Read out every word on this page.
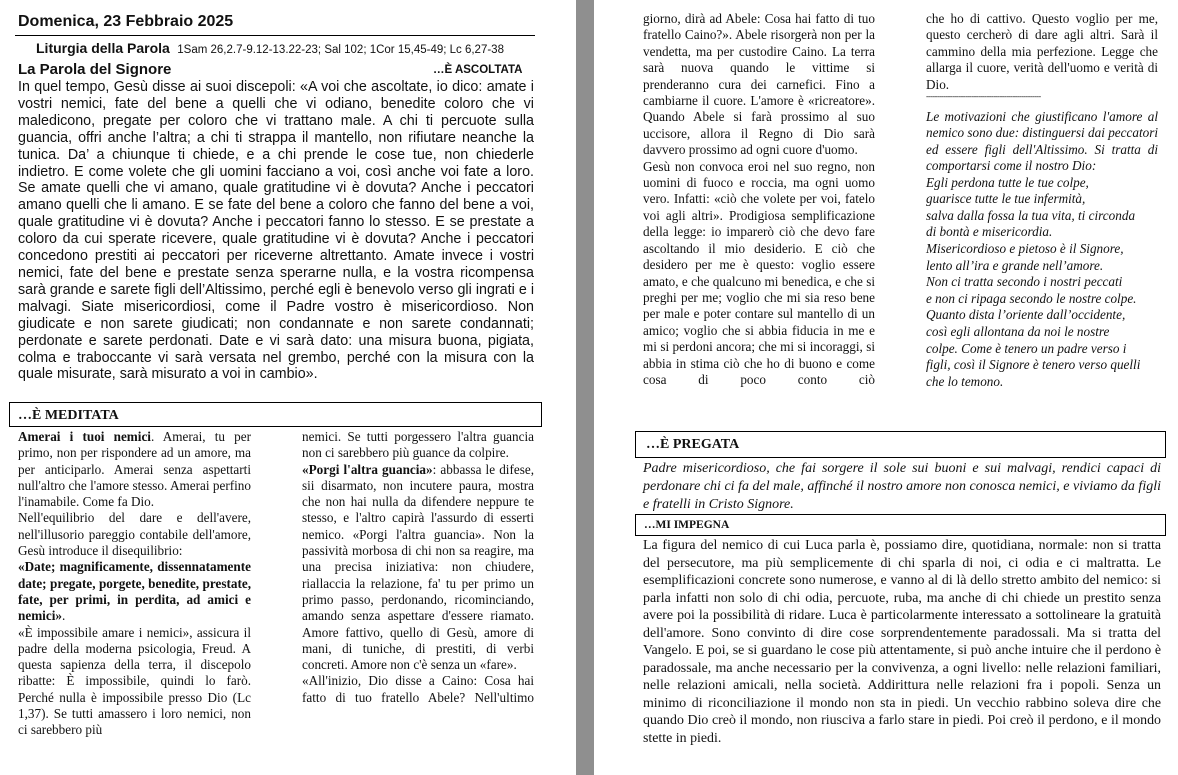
Domenica, 23 Febbraio 2025
Liturgia della Parola 1Sam 26,2.7-9.12-13.22-23; Sal 102; 1Cor 15,45-49; Lc 6,27-38
La Parola del Signore	…È ASCOLTATA
In quel tempo, Gesù disse ai suoi discepoli: «A voi che ascoltate, io dico: amate i vostri nemici, fate del bene a quelli che vi odiano, benedite coloro che vi maledicono, pregate per coloro che vi trattano male. A chi ti percuote sulla guancia, offri anche l’altra; a chi ti strappa il mantello, non rifiutare neanche la tunica. Da’ a chiunque ti chiede, e a chi prende le cose tue, non chiederle indietro. E come volete che gli uomini facciano a voi, così anche voi fate a loro. Se amate quelli che vi amano, quale gratitudine vi è dovuta? Anche i peccatori amano quelli che li amano. E se fate del bene a coloro che fanno del bene a voi, quale gratitudine vi è dovuta? Anche i peccatori fanno lo stesso. E se prestate a coloro da cui sperate ricevere, quale gratitudine vi è dovuta? Anche i peccatori concedono prestiti ai peccatori per riceverne altrettanto. Amate invece i vostri nemici, fate del bene e prestate senza sperarne nulla, e la vostra ricompensa sarà grande e sarete figli dell’Altissimo, perché egli è benevolo verso gli ingrati e i malvagi. Siate misericordiosi, come il Padre vostro è misericordioso. Non giudicate e non sarete giudicati; non condannate e non sarete condannati; perdonate e sarete perdonati. Date e vi sarà dato: una misura buona, pigiata, colma e traboccante vi sarà versata nel grembo, perché con la misura con la quale misurate, sarà misurato a voi in cambio».
…È MEDITATA

Amerai i tuoi nemici. Amerai, tu per primo, non per rispondere ad un amore, ma per anticiparlo. Amerai senza aspettarti null'altro che l'amore stesso. Amerai perfino l'inamabile. Come fa Dio.

Nell'equilibrio del dare e dell'avere, nell'illusorio pareggio contabile dell'amore, Gesù introduce il disequilibrio:

«Date; magnificamente, dissennatamente date; pregate, porgete, benedite, prestate, fate, per primi, in perdita, ad amici e nemici».

«È impossibile amare i nemici», assicura il padre della moderna psicologia, Freud. A questa sapienza della terra, il discepolo ribatte: È impossibile, quindi lo farò. Perché nulla è impossibile presso Dio (Lc 1,37). Se tutti amassero i loro nemici, non ci sarebbero più

nemici. Se tutti porgessero l'altra guancia non ci sarebbero più guance da colpire.

«Porgi l'altra guancia»: abbassa le difese, sii disarmato, non incutere paura, mostra che non hai nulla da difendere neppure te stesso, e l'altro capirà l'assurdo di esserti nemico. «Porgi l'altra guancia». Non la passività morbosa di chi non sa reagire, ma una precisa iniziativa: non chiudere, riallaccia la relazione, fa' tu per primo un primo passo, perdonando, ricominciando, amando senza aspettare d'essere riamato. Amore fattivo, quello di Gesù, amore di mani, di tuniche, di prestiti, di verbi concreti. Amore non c'è senza un «fare».

«All'inizio, Dio disse a Caino: Cosa hai fatto di tuo fratello Abele? Nell'ultimo

giorno, dirà ad Abele: Cosa hai fatto di tuo fratello Caino?». Abele risorgerà non per la vendetta, ma per custodire Caino. La terra sarà nuova quando le vittime si prenderanno cura dei carnefici. Fino a cambiarne il cuore. L'amore è «ricreatore». Quando Abele si farà prossimo al suo uccisore, allora il Regno di Dio sarà davvero prossimo ad ogni cuore d'uomo.

Gesù non convoca eroi nel suo regno, non uomini di fuoco e roccia, ma ogni uomo vero. Infatti: «ciò che volete per voi, fatelo voi agli altri». Prodigiosa semplificazione della legge: io imparerò ciò che devo fare ascoltando il mio desiderio. E ciò che desidero per me è questo: voglio essere amato, e che qualcuno mi benedica, e che si preghi per me; voglio che mi sia reso bene per male e poter contare sul mantello di un amico; voglio che si abbia fiducia in me e mi si perdoni ancora; che mi si incoraggi, si abbia in stima ciò che ho di buono e come cosa di poco conto ciò

che ho di cattivo. Questo voglio per me, questo cercherò di dare agli altri. Sarà il cammino della mia perfezione. Legge che allarga il cuore, verità dell'uomo e verità di Dio.

-----------------------------------------------------

Le motivazioni che giustificano l'amore al nemico sono due: distinguersi dai peccatori ed essere figli dell'Altissimo. Si tratta di comportarsi come il nostro Dio:

Egli perdona tutte le tue colpe,
guarisce tutte le tue infermità,
salva dalla fossa la tua vita, ti circonda
di bontà e misericordia.
Misericordioso e pietoso è il Signore,
lento all’ira e grande nell’amore.
Non ci tratta secondo i nostri peccati
e non ci ripaga secondo le nostre colpe.
Quanto dista l’oriente dall’occidente,
così egli allontana da noi le nostre
colpe. Come è tenero un padre verso i
figli, così il Signore è tenero verso quelli
che lo temono.
…È PREGATA
Padre misericordioso, che fai sorgere il sole sui buoni e sui malvagi, rendici capaci di perdonare chi ci fa del male, affinché il nostro amore non conosca nemici, e viviamo da figli e fratelli in Cristo Signore.
…MI IMPEGNA
La figura del nemico di cui Luca parla è, possiamo dire, quotidiana, normale: non si tratta del persecutore, ma più semplicemente di chi sparla di noi, ci odia e ci maltratta. Le esemplificazioni concrete sono numerose, e vanno al di là dello stretto ambito del nemico: si parla infatti non solo di chi odia, percuote, ruba, ma anche di chi chiede un prestito senza avere poi la possibilità di ridare. Luca è particolarmente interessato a sottolineare la gratuità dell'amore. Sono convinto di dire cose sorprendentemente paradossali. Ma si tratta del Vangelo. E poi, se si guardano le cose più attentamente, si può anche intuire che il perdono è paradossale, ma anche necessario per la convivenza, a ogni livello: nelle relazioni familiari, nelle relazioni amicali, nella società. Addirittura nelle relazioni fra i popoli. Senza un minimo di riconciliazione il mondo non sta in piedi. Un vecchio rabbino soleva dire che quando Dio creò il mondo, non riusciva a farlo stare in piedi. Poi creò il perdono, e il mondo stette in piedi.
